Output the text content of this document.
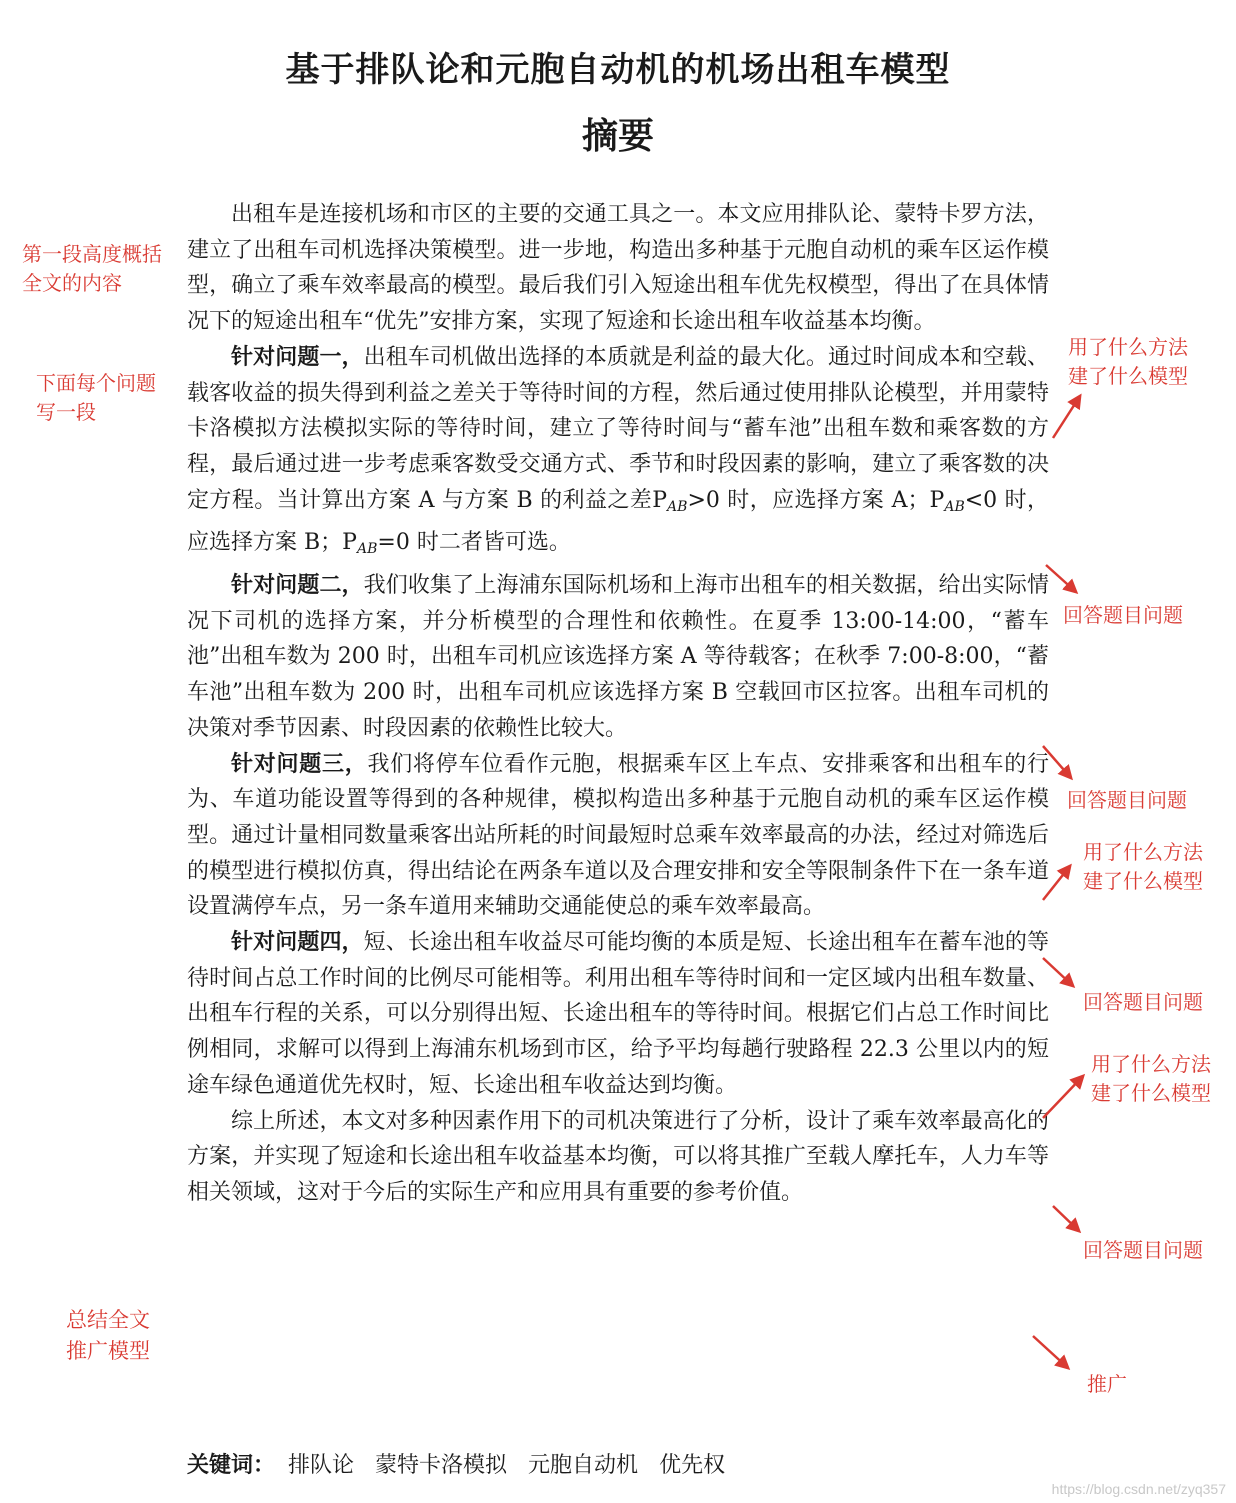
基于排队论和元胞自动机的机场出租车模型
摘要

出租车是连接机场和市区的主要的交通工具之一。本文应用排队论、蒙特卡罗方法，建立了出租车司机选择决策模型。进一步地，构造出多种基于元胞自动机的乘车区运作模型，确立了乘车效率最高的模型。最后我们引入短途出租车优先权模型，得出了在具体情况下的短途出租车“优先”安排方案，实现了短途和长途出租车收益基本均衡。

针对问题一，出租车司机做出选择的本质就是利益的最大化。通过时间成本和空载、载客收益的损失得到利益之差关于等待时间的方程，然后通过使用排队论模型，并用蒙特卡洛模拟方法模拟实际的等待时间，建立了等待时间与“蓄车池”出租车数和乘客数的方程，最后通过进一步考虑乘客数受交通方式、季节和时段因素的影响，建立了乘客数的决定方程。当计算出方案 A 与方案 B 的利益之差$P_{AB}>0$ 时，应选择方案 A；$P_{AB}<0$ 时，应选择方案 B；$P_{AB}=0$ 时二者皆可选。

针对问题二，我们收集了上海浦东国际机场和上海市出租车的相关数据，给出实际情况下司机的选择方案，并分析模型的合理性和依赖性。在夏季 13:00-14:00，“蓄车池”出租车数为 200 时，出租车司机应该选择方案 A 等待载客；在秋季 7:00-8:00，“蓄车池”出租车数为 200 时，出租车司机应该选择方案 B 空载回市区拉客。出租车司机的决策对季节因素、时段因素的依赖性比较大。

针对问题三，我们将停车位看作元胞，根据乘车区上车点、安排乘客和出租车的行为、车道功能设置等得到的各种规律，模拟构造出多种基于元胞自动机的乘车区运作模型。通过计量相同数量乘客出站所耗的时间最短时总乘车效率最高的办法，经过对筛选后的模型进行模拟仿真，得出结论在两条车道以及合理安排和安全等限制条件下在一条车道设置满停车点，另一条车道用来辅助交通能使总的乘车效率最高。

针对问题四，短、长途出租车收益尽可能均衡的本质是短、长途出租车在蓄车池的等待时间占总工作时间的比例尽可能相等。利用出租车等待时间和一定区域内出租车数量、出租车行程的关系，可以分别得出短、长途出租车的等待时间。根据它们占总工作时间比例相同，求解可以得到上海浦东机场到市区，给予平均每趟行驶路程 22.3 公里以内的短途车绿色通道优先权时，短、长途出租车收益达到均衡。

综上所述，本文对多种因素作用下的司机决策进行了分析，设计了乘车效率最高化的方案，并实现了短途和长途出租车收益基本均衡，可以将其推广至载人摩托车，人力车等相关领域，这对于今后的实际生产和应用具有重要的参考价值。

关键词： 排队论 蒙特卡洛模拟 元胞自动机 优先权
第一段高度概括
全文的内容
下面每个问题
写一段
总结全文
推广模型
用了什么方法
建了什么模型
回答题目问题
回答题目问题
用了什么方法
建了什么模型
回答题目问题
用了什么方法
建了什么模型
回答题目问题
推广
https://blog.csdn.net/zyq357
